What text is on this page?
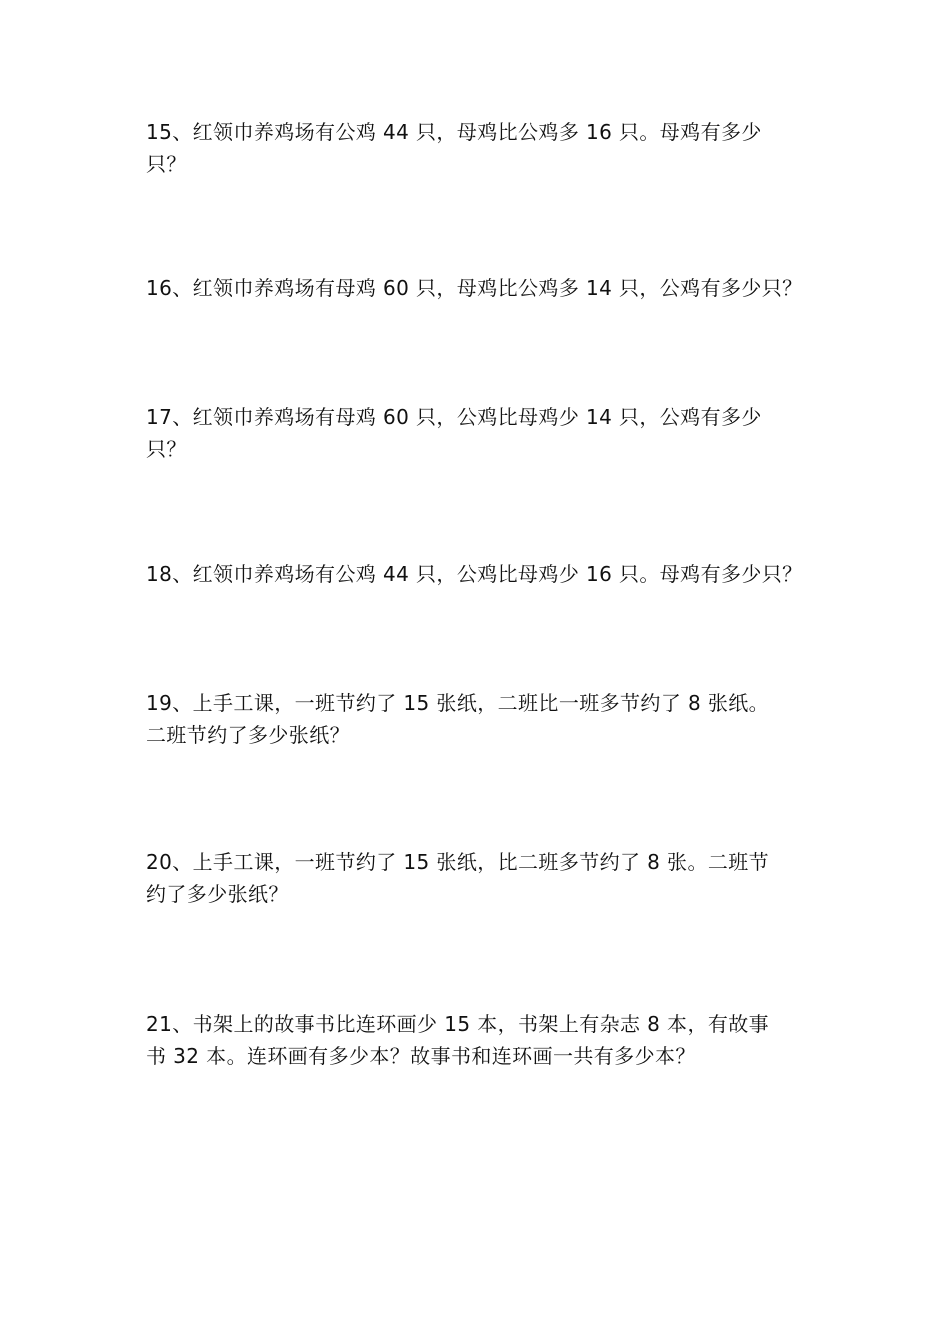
15、红领巾养鸡场有公鸡 44 只，母鸡比公鸡多 16 只。母鸡有多少
只？
16、红领巾养鸡场有母鸡 60 只，母鸡比公鸡多 14 只，公鸡有多少只？
17、红领巾养鸡场有母鸡 60 只，公鸡比母鸡少 14 只，公鸡有多少
只？
18、红领巾养鸡场有公鸡 44 只，公鸡比母鸡少 16 只。母鸡有多少只？
19、上手工课，一班节约了 15 张纸，二班比一班多节约了 8 张纸。
二班节约了多少张纸？
20、上手工课，一班节约了 15 张纸，比二班多节约了 8 张。二班节
约了多少张纸？
21、书架上的故事书比连环画少 15 本，书架上有杂志 8 本，有故事
书 32 本。连环画有多少本？故事书和连环画一共有多少本？
